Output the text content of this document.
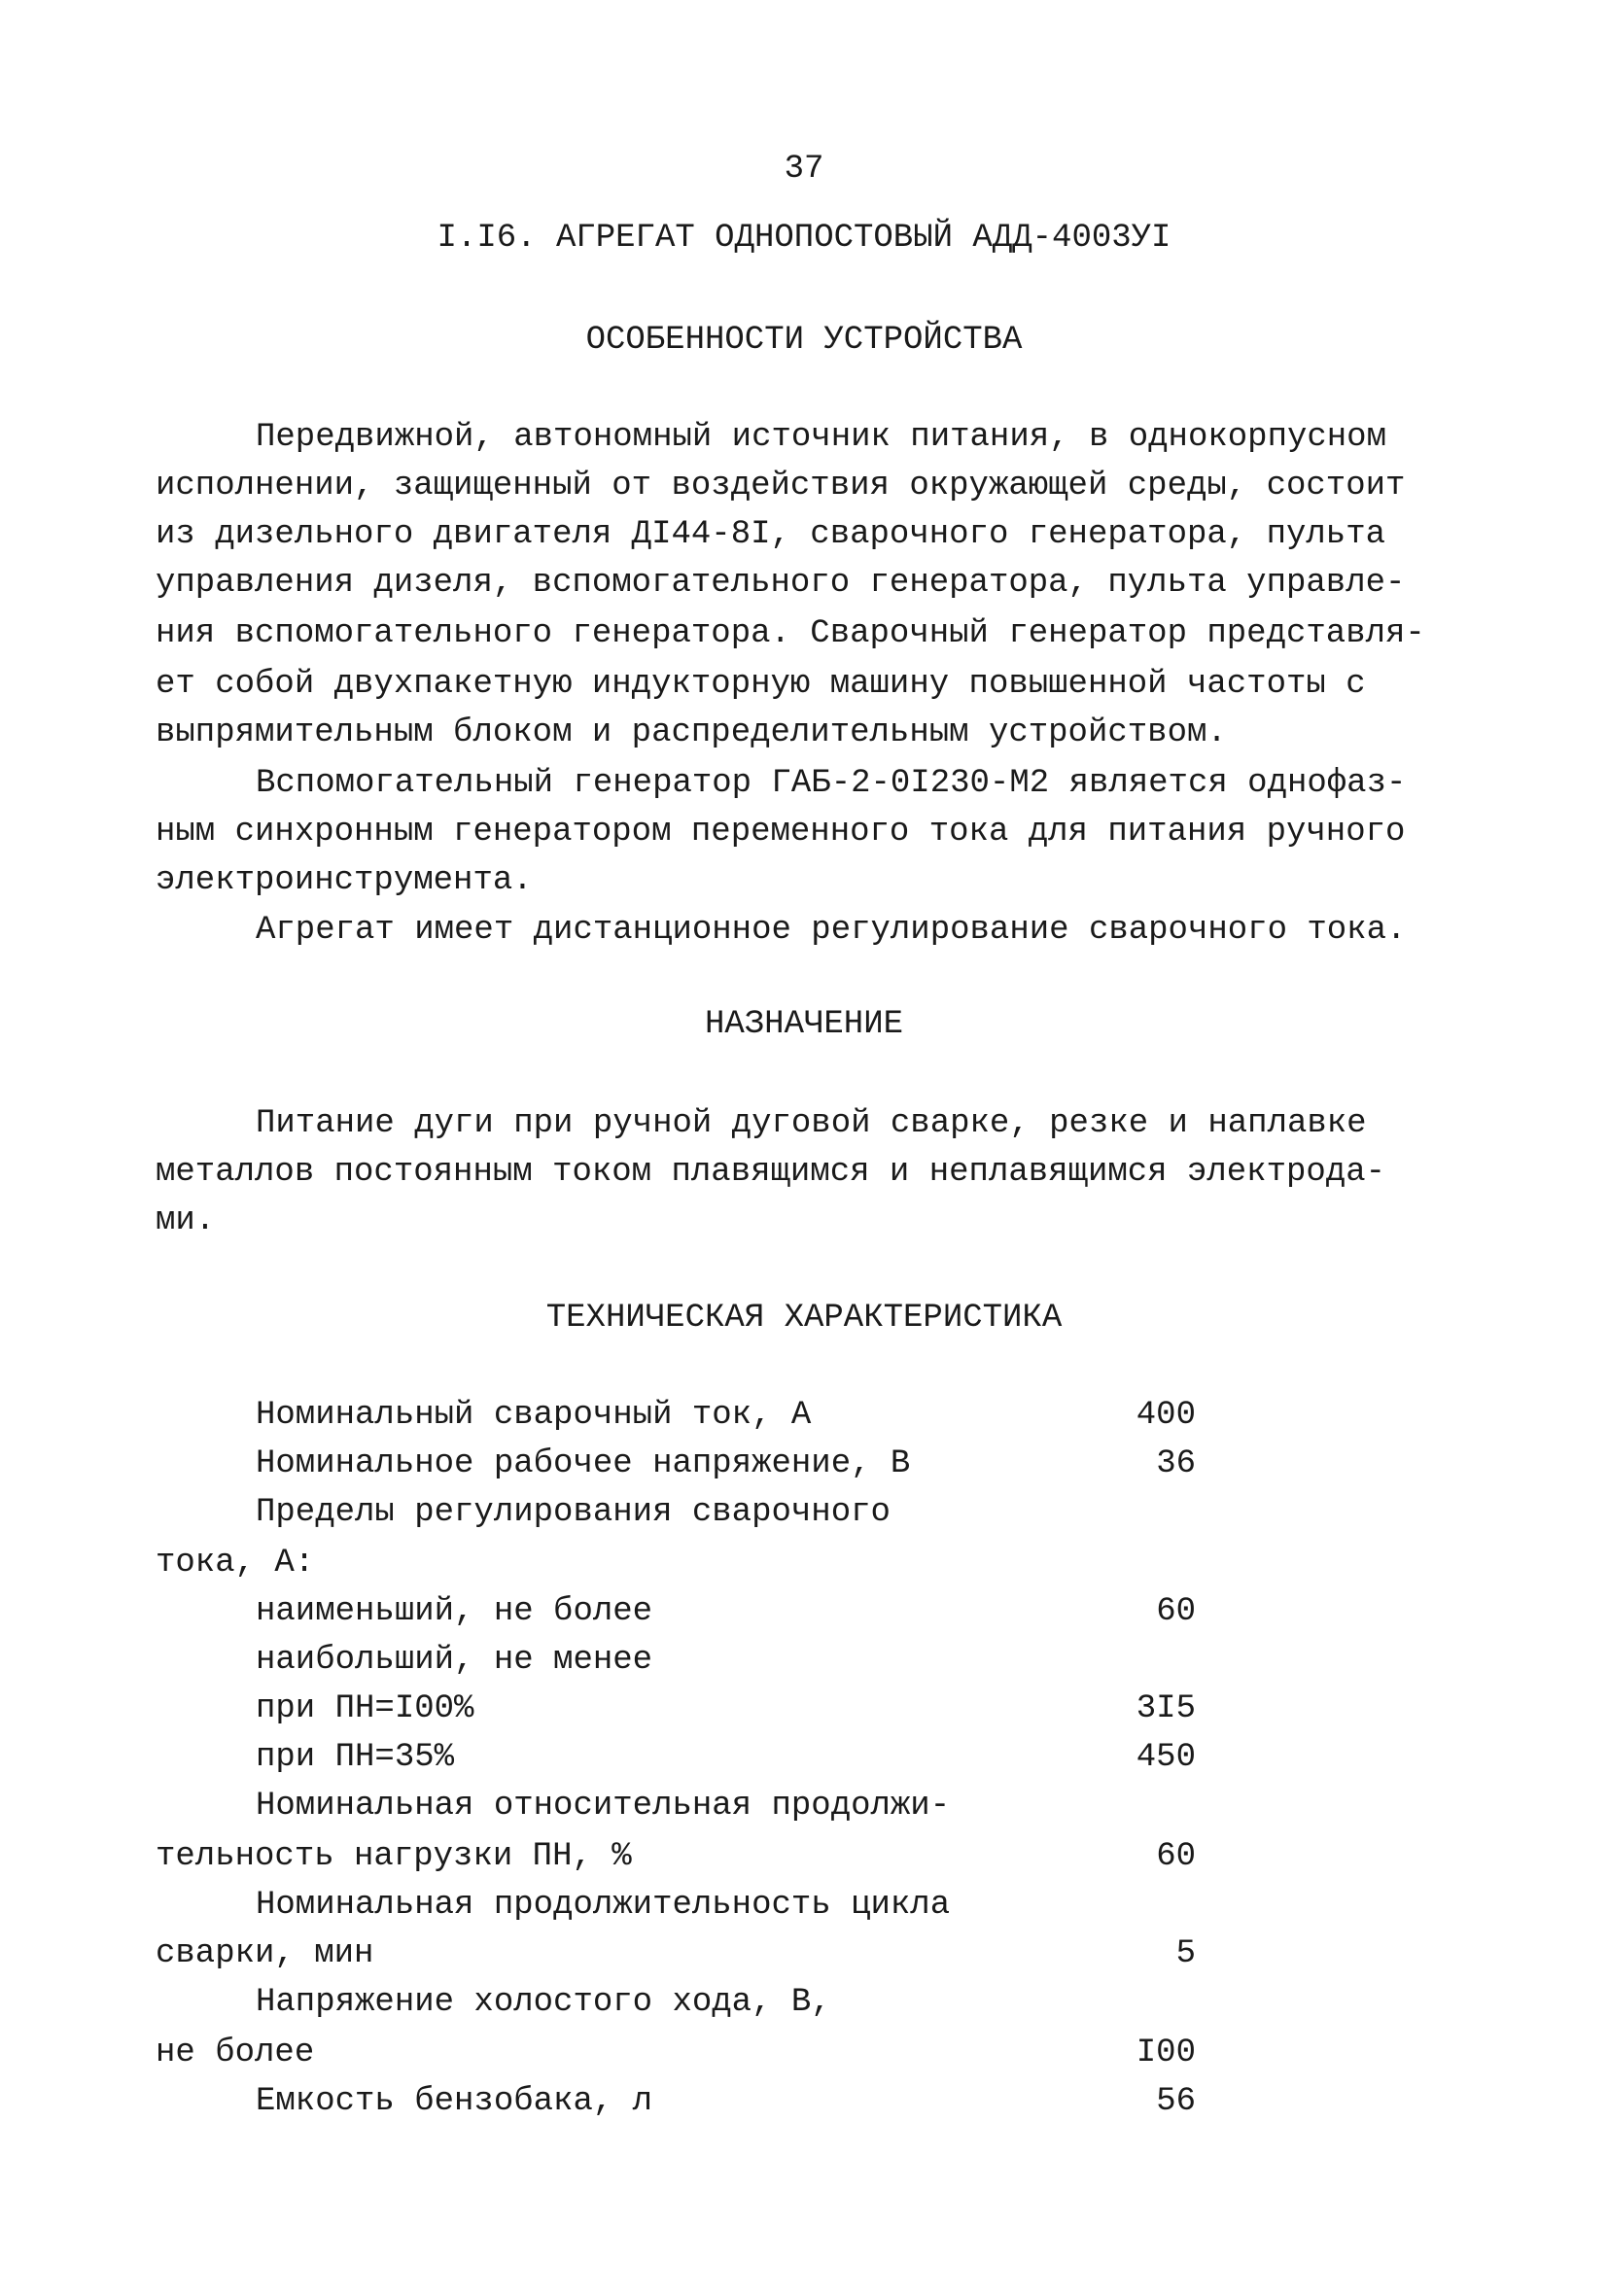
37
I.I6. АГРЕГАТ ОДНОПОСТОВЫЙ АДД-4003УI
ОСОБЕННОСТИ УСТРОЙСТВА
Передвижной, автономный источник питания, в однокорпусном
исполнении, защищенный от воздействия окружающей среды, состоит
из дизельного двигателя ДI44-8I, сварочного генератора, пульта
управления дизеля, вспомогательного генератора, пульта управле-
ния вспомогательного генератора. Сварочный генератор представля-
ет собой двухпакетную индукторную машину повышенной частоты с
выпрямительным блоком и распределительным устройством.
Вспомогательный генератор ГАБ-2-0I230-М2 является однофаз-
ным синхронным генератором переменного тока для питания ручного
электроинструмента.
Агрегат имеет дистанционное регулирование сварочного тока.
НАЗНАЧЕНИЕ
Питание дуги при ручной дуговой сварке, резке и наплавке
металлов постоянным током плавящимся и неплавящимся электрода-
ми.
ТЕХНИЧЕСКАЯ ХАРАКТЕРИСТИКА
Номинальный сварочный ток, А	400
Номинальное рабочее напряжение, В	36
Пределы регулирования сварочного
тока, А:
наименьший, не более	60
наибольший, не менее
при ПН=I00%	3I5
при ПН=35%	450
Номинальная относительная продолжи-
тельность нагрузки ПН, %	60
Номинальная продолжительность цикла
сварки, мин	5
Напряжение холостого хода, В,
не более	I00
Емкость бензобака, л	56
